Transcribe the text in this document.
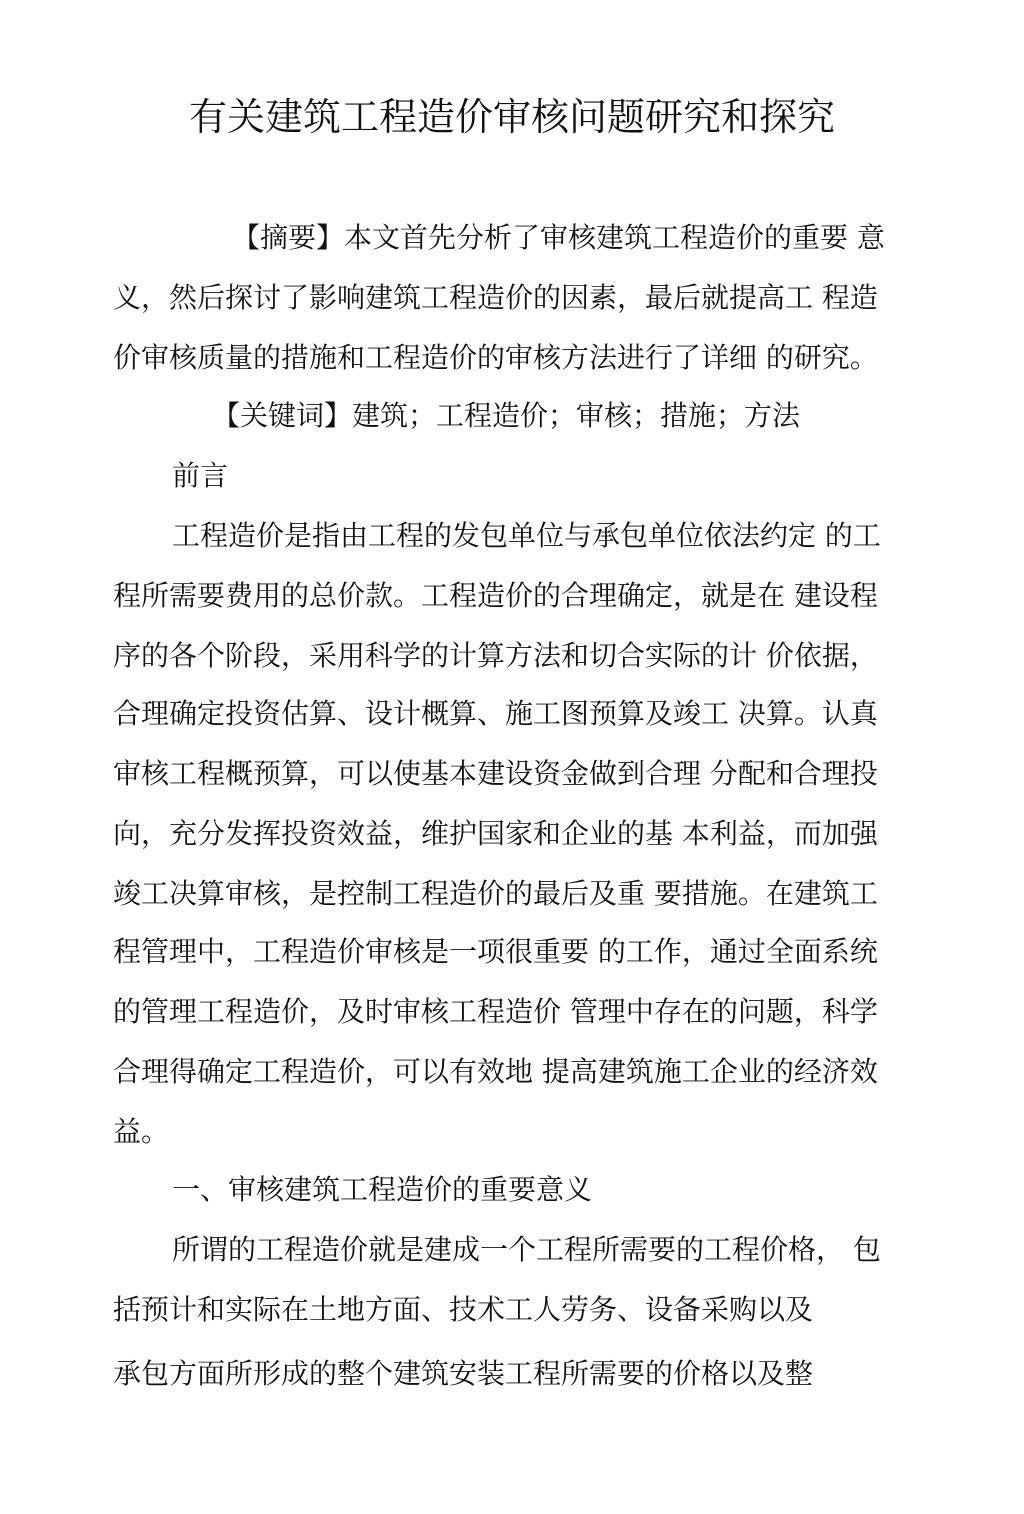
有关建筑工程造价审核问题研究和探究

【摘要】本文首先分析了审核建筑工程造价的重要 意

义，然后探讨了影响建筑工程造价的因素，最后就提高工 程造

价审核质量的措施和工程造价的审核方法进行了详细 的研究。

【关键词】建筑；工程造价；审核；措施；方法

前言

工程造价是指由工程的发包单位与承包单位依法约定 的工

程所需要费用的总价款。工程造价的合理确定，就是在 建设程

序的各个阶段，采用科学的计算方法和切合实际的计 价依据，

合理确定投资估算、设计概算、施工图预算及竣工 决算。认真

审核工程概预算，可以使基本建设资金做到合理 分配和合理投

向，充分发挥投资效益，维护国家和企业的基 本利益，而加强

竣工决算审核，是控制工程造价的最后及重 要措施。在建筑工

程管理中，工程造价审核是一项很重要 的工作，通过全面系统

的管理工程造价，及时审核工程造价 管理中存在的问题，科学

合理得确定工程造价，可以有效地 提高建筑施工企业的经济效

益。

一、审核建筑工程造价的重要意义

所谓的工程造价就是建成一个工程所需要的工程价格， 包

括预计和实际在土地方面、技术工人劳务、设备采购以及

承包方面所形成的整个建筑安装工程所需要的价格以及整
